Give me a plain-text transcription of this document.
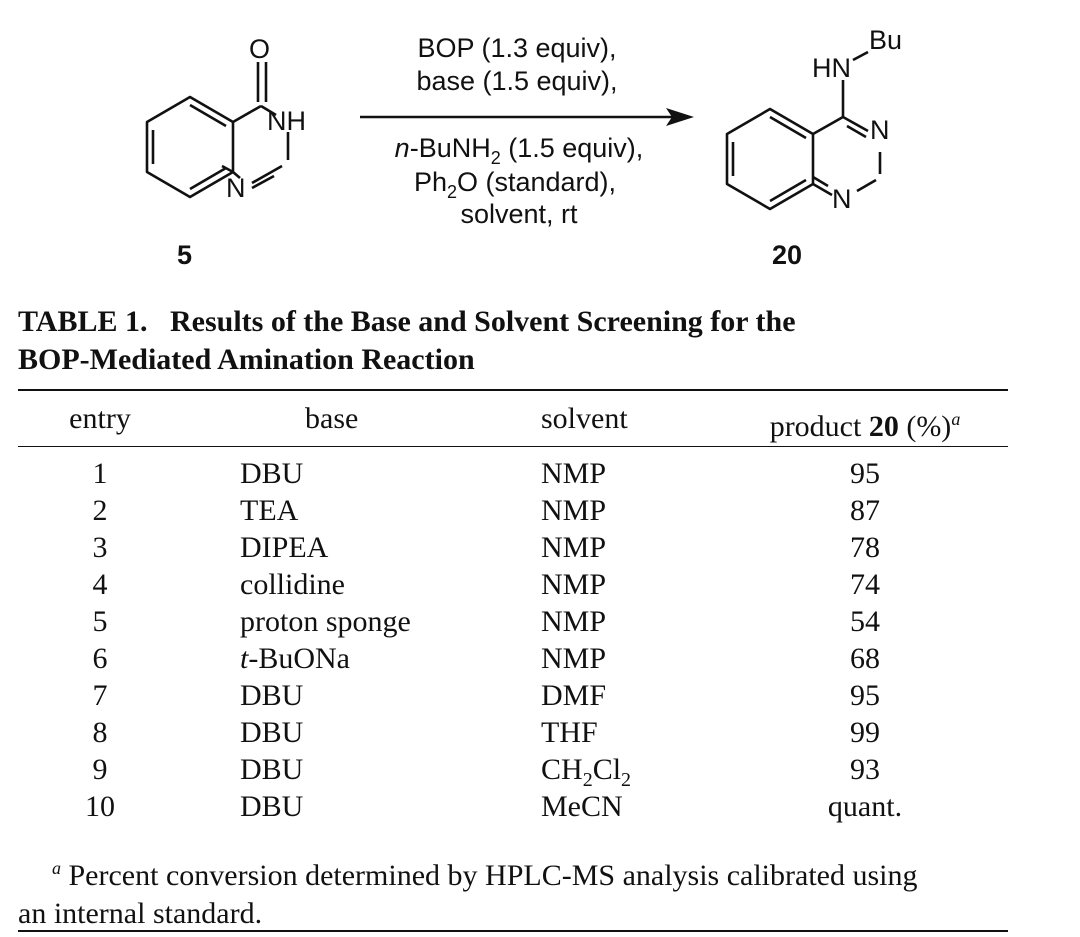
O
NH
N
5
BOP (1.3 equiv),
base (1.5 equiv),
n-BuNH$_2$ (1.5 equiv),
$Ph_2O$ (standard),
solvent, rt
HN
Bu
N
N
20
TABLE 1.   Results of the Base and Solvent Screening for the
BOP-Mediated Amination Reaction
entry	base	solvent	product 20 (%)$^a$
1	DBU	NMP	95
2	TEA	NMP	87
3	DIPEA	NMP	78
4	collidine	NMP	74
5	proton sponge	NMP	54
6	t-BuONa	NMP	68
7	DBU	DMF	95
8	DBU	THF	99
9	DBU	$CH_2Cl_2$	93
10	DBU	MeCN	quant.
$^a$ Percent conversion determined by HPLC-MS analysis calibrated using
an internal standard.
